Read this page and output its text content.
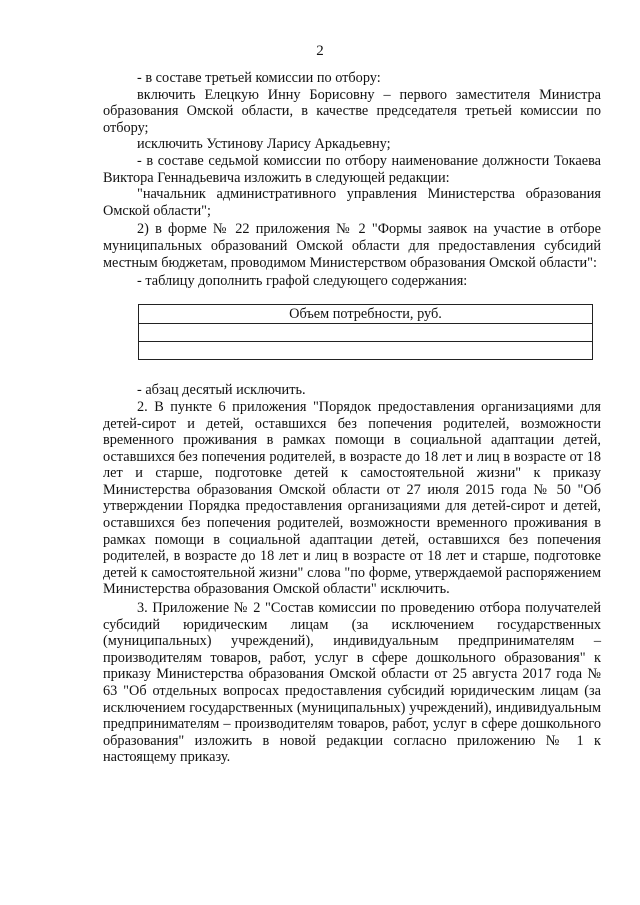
2

- в составе третьей комиссии по отбору:

включить Елецкую Инну Борисовну – первого заместителя Министра образования Омской области, в качестве председателя третьей комиссии по отбору;

исключить Устинову Ларису Аркадьевну;

- в составе седьмой комиссии по отбору наименование должности Токаева Виктора Геннадьевича изложить в следующей редакции:

"начальник административного управления Министерства образования Омской области";

2) в форме № 22 приложения № 2 "Формы заявок на участие в отборе муниципальных образований Омской области для предоставления субсидий местным бюджетам, проводимом Министерством образования Омской области":

- таблицу дополнить графой следующего содержания:

Объем потребности, руб.

- абзац десятый исключить.

2. В пункте 6 приложения "Порядок предоставления организациями для детей-сирот и детей, оставшихся без попечения родителей, возможности временного проживания в рамках помощи в социальной адаптации детей, оставшихся без попечения родителей, в возрасте до 18 лет и лиц в возрасте от 18 лет и старше, подготовке детей к самостоятельной жизни" к приказу Министерства образования Омской области от 27 июля 2015 года № 50 "Об утверждении Порядка предоставления организациями для детей-сирот и детей, оставшихся без попечения родителей, возможности временного проживания в рамках помощи в социальной адаптации детей, оставшихся без попечения родителей, в возрасте до 18 лет и лиц в возрасте от 18 лет и старше, подготовке детей к самостоятельной жизни" слова "по форме, утверждаемой распоряжением Министерства образования Омской области" исключить.

3. Приложение № 2 "Состав комиссии по проведению отбора получателей субсидий юридическим лицам (за исключением государственных (муниципальных) учреждений), индивидуальным предпринимателям – производителям товаров, работ, услуг в сфере дошкольного образования" к приказу Министерства образования Омской области от 25 августа 2017 года № 63 "Об отдельных вопросах предоставления субсидий юридическим лицам (за исключением государственных (муниципальных) учреждений), индивидуальным предпринимателям – производителям товаров, работ, услуг в сфере дошкольного образования" изложить в новой редакции согласно приложению № 1 к настоящему приказу.
